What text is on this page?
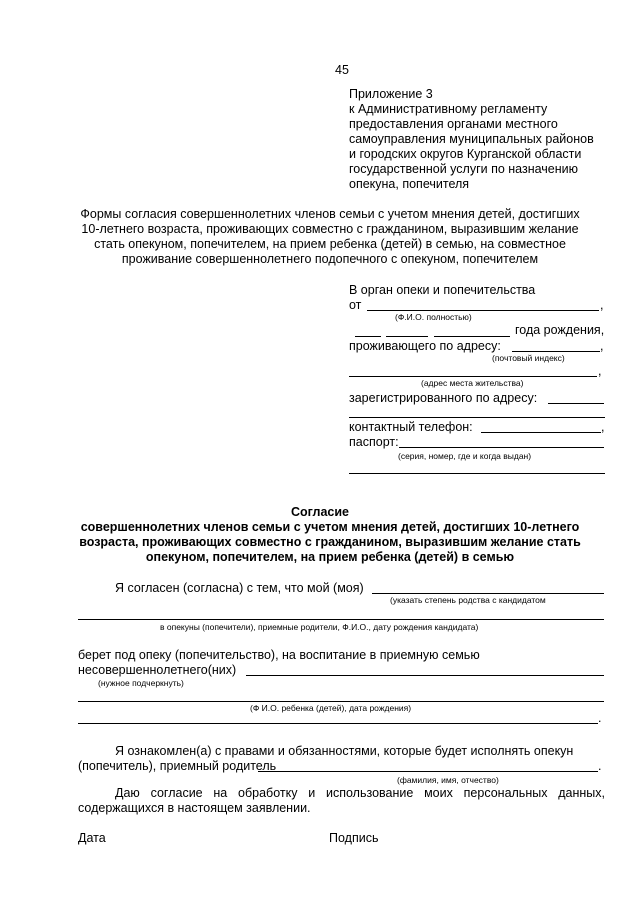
45
Приложение 3
к Административному регламенту
предоставления органами местного
самоуправления муниципальных районов
и городских округов Курганской области
государственной услуги по назначению
опекуна, попечителя
Формы согласия совершеннолетних членов семьи с учетом мнения детей, достигших
10-летнего возраста, проживающих совместно с гражданином, выразившим желание
стать опекуном, попечителем, на прием ребенка (детей) в семью, на совместное
проживание совершеннолетнего подопечного с опекуном, попечителем
В орган опеки и попечительства
от	,
(Ф.И.О. полностью)
года рождения,
проживающего по адресу:	,
(почтовый индекс)
,
(адрес места жительства)
зарегистрированного по адресу:
контактный телефон:	,
паспорт:
(серия, номер, где и когда выдан)
Согласие
совершеннолетних членов семьи с учетом мнения детей, достигших 10-летнего
возраста, проживающих совместно с гражданином, выразившим желание стать
опекуном, попечителем, на прием ребенка (детей) в семью
Я согласен (согласна) с тем, что мой (моя)
(указать степень родства с кандидатом
в опекуны (попечители), приемные родители, Ф.И.О., дату рождения кандидата)
берет под опеку (попечительство), на воспитание в приемную семью
несовершеннолетнего(них)
(нужное подчеркнуть)
(Ф И.О. ребенка (детей), дата рождения)
.
Я ознакомлен(а) с правами и обязанностями, которые будет исполнять опекун
(попечитель), приемный родитель	.
(фамилия, имя, отчество)
Даю согласие на обработку и использование моих персональных данных,
содержащихся в настоящем заявлении.
Дата	Подпись
